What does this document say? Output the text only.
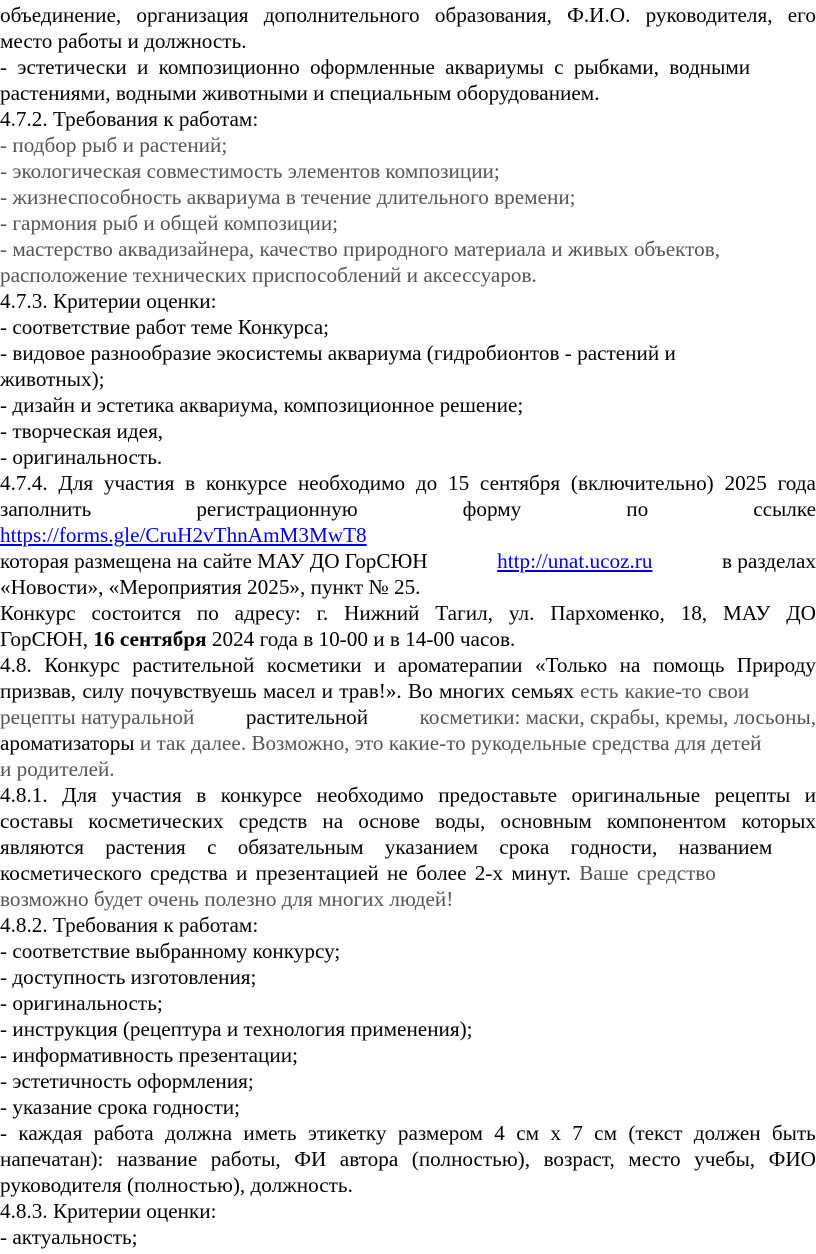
объединение, организация дополнительного образования, Ф.И.О. руководителя, его
место работы и должность.
- эстетически и композиционно оформленные аквариумы с рыбками, водными
растениями, водными животными и специальным оборудованием.
4.7.2. Требования к работам:
- подбор рыб и растений;
- экологическая совместимость элементов композиции;
- жизнеспособность аквариума в течение длительного времени;
- гармония рыб и общей композиции;
- мастерство аквадизайнера, качество природного материала и живых объектов,
расположение технических приспособлений и аксессуаров.
4.7.3. Критерии оценки:
- соответствие работ теме Конкурса;
- видовое разнообразие экосистемы аквариума (гидробионтов - растений и
животных);
- дизайн и эстетика аквариума, композиционное решение;
- творческая идея,
- оригинальность.
4.7.4. Для участия в конкурсе необходимо до 15 сентября (включительно) 2025 года
заполнить	регистрационную	форму	по	ссылке
https://forms.gle/CruH2vThnAmM3MwT8
которая размещена на сайте МАУ ДО ГорСЮН	http://unat.ucoz.ru	в разделах
«Новости», «Мероприятия 2025», пункт № 25.
Конкурс состоится по адресу: г. Нижний Тагил, ул. Пархоменко, 18, МАУ ДО
ГорСЮН, 16 сентября 2024 года в 10-00 и в 14-00 часов.
4.8. Конкурс растительной косметики и ароматерапии «Только на помощь Природу
призвав, силу почувствуешь масел и трав!». Во многих семьях есть какие-то свои
рецепты натуральной растительной косметики: маски, скрабы, кремы, лосьоны,
ароматизаторы и так далее. Возможно, это какие-то рукодельные средства для детей
и родителей.
4.8.1. Для участия в конкурсе необходимо предоставьте оригинальные рецепты и
составы косметических средств на основе воды, основным компонентом которых
являются растения с обязательным указанием срока годности, названием
косметического средства и презентацией не более 2-х минут. Ваше средство
возможно будет очень полезно для многих людей!
4.8.2. Требования к работам:
- соответствие выбранному конкурсу;
- доступность изготовления;
- оригинальность;
- инструкция (рецептура и технология применения);
- информативность презентации;
- эстетичность оформления;
- указание срока годности;
- каждая работа должна иметь этикетку размером 4 см х 7 см (текст должен быть
напечатан): название работы, ФИ автора (полностью), возраст, место учебы, ФИО
руководителя (полностью), должность.
4.8.3. Критерии оценки:
- актуальность;
